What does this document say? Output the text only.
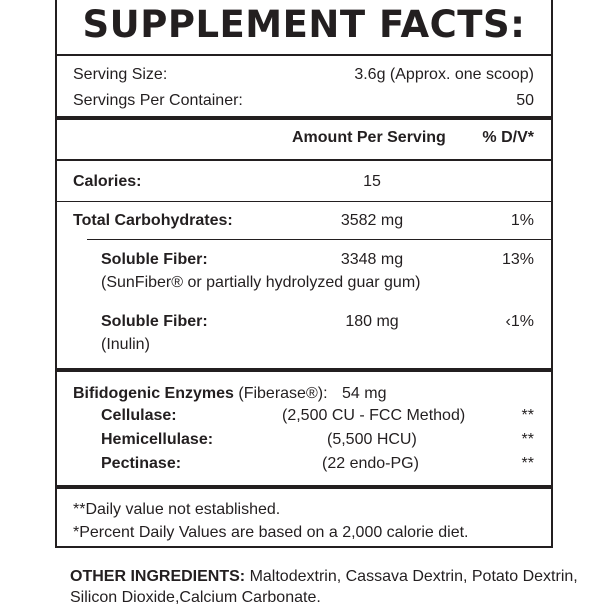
SUPPLEMENT FACTS:
Serving Size:	3.6g (Approx. one scoop)
Servings Per Container:	50
Amount Per Serving % D/V*
Calories:	15
Total Carbohydrates:	3582 mg	1%
Soluble Fiber:	3348 mg	13%
(SunFiber® or partially hydrolyzed guar gum)
Soluble Fiber:	180 mg	‹1%
(Inulin)
Bifidogenic Enzymes (Fiberase®): 54 mg
Cellulase:	(2,500 CU - FCC Method)	**
Hemicellulase:	(5,500 HCU)	**
Pectinase:	(22 endo-PG)	**
**Daily value not established.
*Percent Daily Values are based on a 2,000 calorie diet.
OTHER INGREDIENTS: Maltodextrin, Cassava Dextrin, Potato Dextrin, Silicon Dioxide,Calcium Carbonate.
